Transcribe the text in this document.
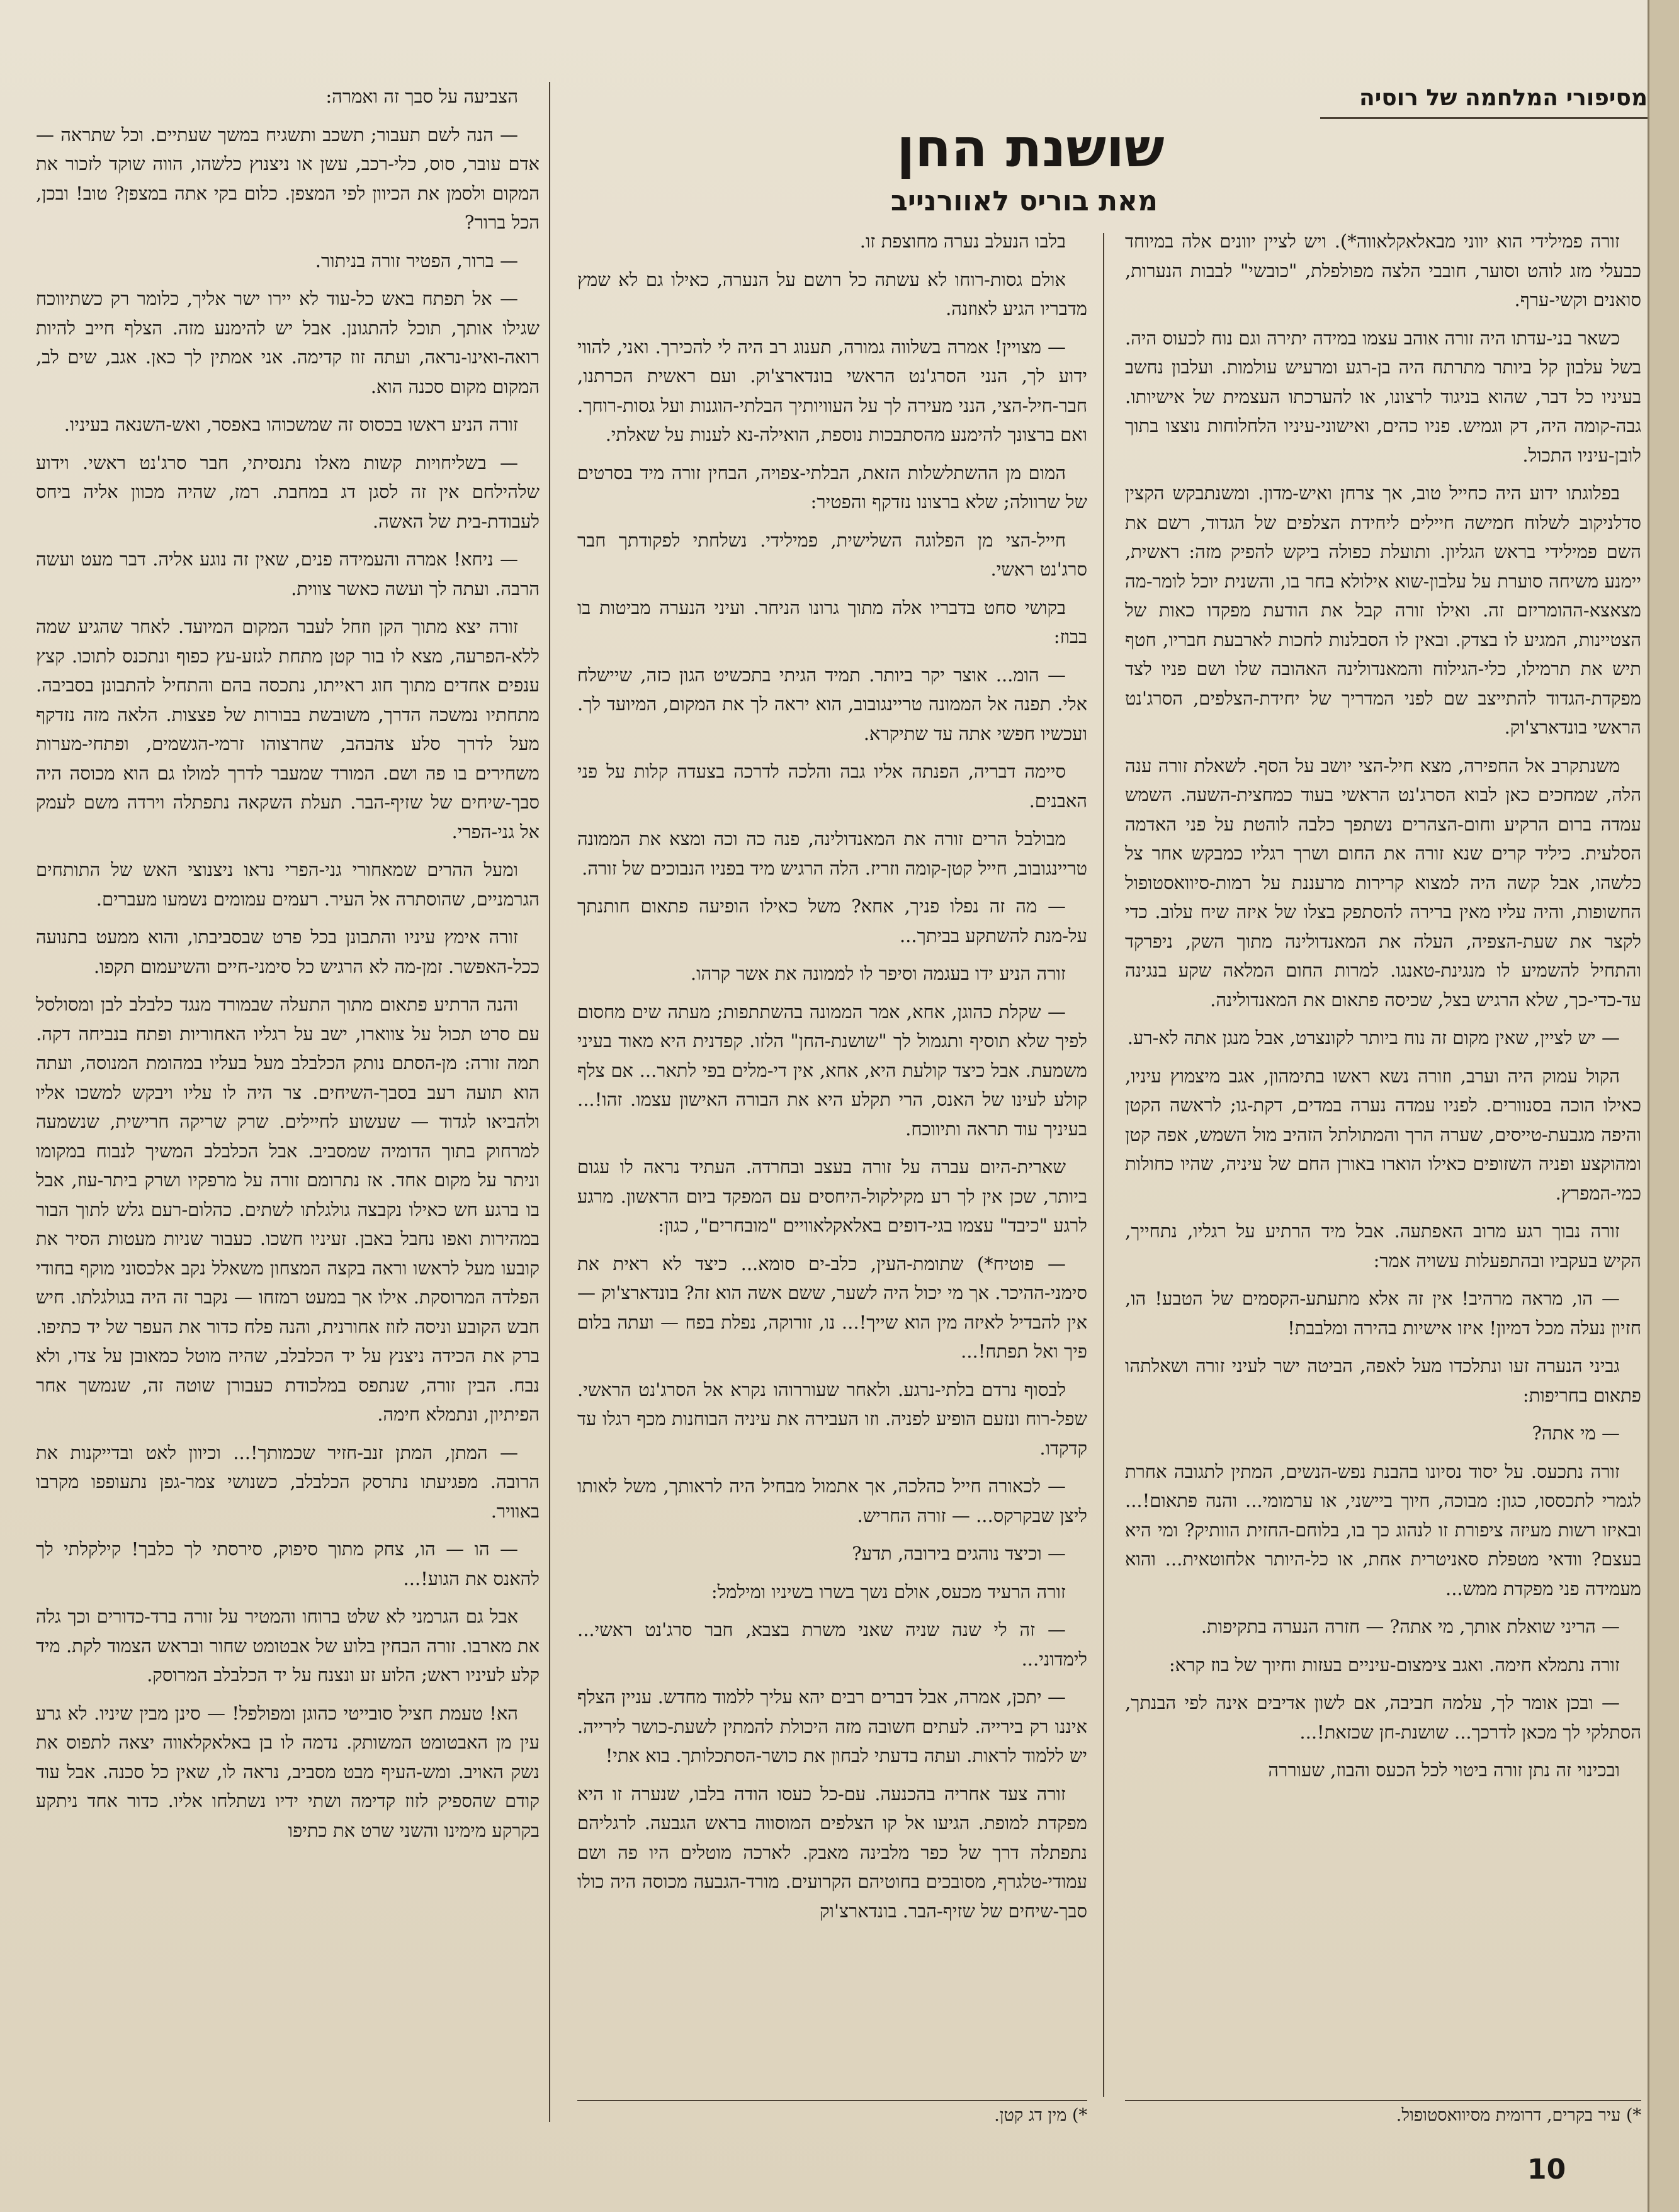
מסיפורי המלחמה של רוסיה
שושנת החן
מאת בוריס לאוורנייב

זורה פמילידי הוא יווני מבאלאקלאווה*). ויש לציין יוונים אלה במיוחד כבעלי מזג לוהט וסוער, חובבי הלצה מפולפלת, "כובשי" לבבות הנערות, סואנים וקשי-ערף.

כשאר בני-עדתו היה זורה אוהב עצמו במידה יתירה וגם נוח לכעוס היה. בשל עלבון קל ביותר מתרתח היה בן-רגע ומרעיש עולמות. ועלבון נחשב בעיניו כל דבר, שהוא בניגוד לרצונו, או להערכתו העצמית של אישיותו. גבה-קומה היה, דק וגמיש. פניו כהים, ואישוני-עיניו הלחלוחות נוצצו בתוך לובן-עיניו התכול.

בפלוגתו ידוע היה כחייל טוב, אך צרחן ואיש-מדון. ומשנתבקש הקצין סדלניקוב לשלוח חמישה חיילים ליחידת הצלפים של הגדוד, רשם את השם פמילידי בראש הגליון. ותועלת כפולה ביקש להפיק מזה: ראשית, יימנע משיחה סוערת על עלבון-שוא אילולא בחר בו, והשנית יוכל לומר-מה מצאצא-ההומריזם זה. ואילו זורה קבל את הודעת מפקדו כאות של הצטיינות, המגיע לו בצדק. ובאין לו הסבלנות לחכות לארבעת חבריו, חטף תיש את תרמילו, כלי-הגילוח והמאנדולינה האהובה שלו ושם פניו לצד מפקדת-הגדוד להתייצב שם לפני המדריך של יחידת-הצלפים, הסרג'נט הראשי בונדארצ'וק.

משנתקרב אל החפירה, מצא חיל-הצי יושב על הסף. לשאלת זורה ענה הלה, שמחכים כאן לבוא הסרג'נט הראשי בעוד כמחצית-השעה. השמש עמדה ברום הרקיע וחום-הצהרים נשתפך כלבה לוהטת על פני האדמה הסלעית. כיליד קרים שנא זורה את החום ושרך רגליו כמבקש אחר צל כלשהו, אבל קשה היה למצוא קרירות מרעננת על רמות-סיוואסטופול החשופות, והיה עליו מאין ברירה להסתפק בצלו של איזה שיח עלוב. כדי לקצר את שעת-הצפיה, העלה את המאנדולינה מתוך השק, ניפרקד והתחיל להשמיע לו מנגינת-טאנגו. למרות החום המלאה שקע בנגינה עד-כדי-כך, שלא הרגיש בצל, שכיסה פתאום את המאנדולינה.

— יש לציין, שאין מקום זה נוח ביותר לקונצרט, אבל מנגן אתה לא-רע.

הקול עמוק היה וערב, וזורה נשא ראשו בתימהון, אגב מיצמוץ עיניו, כאילו הוכה בסנוורים. לפניו עמדה נערה במדים, דקת-גו; לראשה הקטן והיפה מגבעת-טייסים, שערה הרך והמתולתל הזהיב מול השמש, אפה קטן ומהוקצע ופניה השזופים כאילו הוארו באורן החם של עיניה, שהיו כחולות כמי-המפרץ.

זורה נבוך רגע מרוב האפתעה. אבל מיד הרתיע על רגליו, נתחייך, הקיש בעקביו ובהתפעלות עשויה אמר:

— הו, מראה מרהיב! אין זה אלא מתעתע-הקסמים של הטבע! הו, חזיון נעלה מכל דמיון! איזו אישיות בהירה ומלבבת!

גביני הנערה זעו ונתלכדו מעל לאפה, הביטה ישר לעיני זורה ושאלתהו פתאום בחריפות:

— מי אתה?

זורה נתכעס. על יסוד נסיונו בהבנת נפש-הנשים, המתין לתגובה אחרת לגמרי לתכססו, כגון: מבוכה, חיוך ביישני, או ערמומי... והנה פתאום!... ובאיזו רשות מעיזה ציפורת זו לנהוג כך בו, בלוחם-החזית הוותיק? ומי היא בעצם? וודאי מטפלת סאניטרית אחת, או כל-היותר אלחוטאית... והוא מעמידה פני מפקדת ממש...

— הריני שואלת אותך, מי אתה? — חזרה הנערה בתקיפות.

זורה נתמלא חימה. ואגב צימצום-עיניים בעזות וחיוך של בוז קרא:

— ובכן אומר לך, עלמה חביבה, אם לשון אדיבים אינה לפי הבנתך, הסתלקי לך מכאן לדרכך... שושנת-חן שכזאת!...

ובכינוי זה נתן זורה ביטוי לכל הכעס והבוז, שעוררה

בלבו הנעלב נערה מחוצפת זו.

אולם גסות-רוחו לא עשתה כל רושם על הנערה, כאילו גם לא שמץ מדבריו הגיע לאוזנה.

— מצויין! אמרה בשלווה גמורה, תענוג רב היה לי להכירך. ואני, להווי ידוע לך, הנני הסרג'נט הראשי בונדארצ'וק. ועם ראשית הכרתנו, חבר-חיל-הצי, הנני מעירה לך על העוויותיך הבלתי-הוגנות ועל גסות-רוחך. ואם ברצונך להימנע מהסתבכות נוספת, הואילה-נא לענות על שאלתי.

המום מן ההשתלשלות הזאת, הבלתי-צפויה, הבחין זורה מיד בסרטים של שרוולה; שלא ברצונו נזדקף והפטיר:

חייל-הצי מן הפלוגה השלישית, פמילידי. נשלחתי לפקודתך חבר סרג'נט ראשי.

בקושי סחט בדבריו אלה מתוך גרונו הניחר. ועיני הנערה מביטות בו בבוז:

— הומ... אוצר יקר ביותר. תמיד הגיתי בתכשיט הגון כזה, שיישלח אלי. תפנה אל הממונה טריינגובוב, הוא יראה לך את המקום, המיועד לך. ועכשיו חפשי אתה עד שתיקרא.

סיימה דבריה, הפנתה אליו גבה והלכה לדרכה בצעדה קלות על פני האבנים.

מבולבל הרים זורה את המאנדולינה, פנה כה וכה ומצא את הממונה טריינגובוב, חייל קטן-קומה וזריז. הלה הרגיש מיד בפניו הנבוכים של זורה.

— מה זה נפלו פניך, אחא? משל כאילו הופיעה פתאום חותנתך על-מנת להשתקע בביתך...

זורה הניע ידו בעגמה וסיפר לו לממונה את אשר קרהו.

— שקלת כהוגן, אחא, אמר הממונה בהשתתפות; מעתה שים מחסום לפיך שלא תוסיף ותגמול לך "שושנת-החן" הלזו. קפדנית היא מאוד בעיני משמעת. אבל כיצד קולעת היא, אחא, אין די-מלים בפי לתאר... אם צלף קולע לעינו של האנס, הרי תקלע היא את הבורה האישון עצמו. זהו!... בעיניך עוד תראה ותיווכח.

שארית-היום עברה על זורה בעצב ובחרדה. העתיד נראה לו עגום ביותר, שכן אין לך רע מקילקול-היחסים עם המפקד ביום הראשון. מרגע לרגע "כיבד" עצמו בגי-דופים באלאקלאוויים "מובחרים", כגון:

— פוטיח*) שתומת-העין, כלב-ים סומא... כיצד לא ראית את סימני-ההיכר. אך מי יכול היה לשער, ששם אשה הוא זה? בונדארצ'וק — אין להבדיל לאיזה מין הוא שייך!... נו, זורוקה, נפלת בפח — ועתה בלום פיך ואל תפתח!...

לבסוף נרדם בלתי-נרגע. ולאחר שעוררוהו נקרא אל הסרג'נט הראשי. שפל-רוח ונזעם הופיע לפניה. וזו העבירה את עיניה הבוחנות מכף רגלו עד קדקדו.

— לכאורה חייל כהלכה, אך אתמול מבחיל היה לראותך, משל לאותו ליצן שבקרקס... — זורה החריש.

— וכיצד נוהגים בירובה, תדע?

זורה הרעיד מכעס, אולם נשך בשרו בשיניו ומילמל:

— זה לי שנה שניה שאני משרת בצבא, חבר סרג'נט ראשי... לימדוני...

— יתכן, אמרה, אבל דברים רבים יהא עליך ללמוד מחדש. עניין הצלף איננו רק בירייה. לעתים חשובה מזה היכולת להמתין לשעת-כושר לירייה. יש ללמוד לראות. ועתה בדעתי לבחון את כושר-הסתכלותך. בוא אתי!

זורה צעד אחריה בהכנעה. עם-כל כעסו הודה בלבו, שנערה זו היא מפקדת למופת. הגיעו אל קו הצלפים המוסווה בראש הגבעה. לרגליהם נתפתלה דרך של כפר מלבינה מאבק. לארכה מוטלים היו פה ושם עמודי-טלגרף, מסובכים בחוטיהם הקרועים. מורד-הגבעה מכוסה היה כולו סבך-שיחים של שזיף-הבר. בונדארצ'וק

הצביעה על סבך זה ואמרה:

— הנה לשם תעבור; תשכב ותשגיח במשך שעתיים. וכל שתראה — אדם עובר, סוס, כלי-רכב, עשן או ניצנוץ כלשהו, הווה שוקד לזכור את המקום ולסמן את הכיוון לפי המצפן. כלום בקי אתה במצפן? טוב! ובכן, הכל ברור?

— ברור, הפטיר זורה בניתור.

— אל תפתח באש כל-עוד לא יירו ישר אליך, כלומר רק כשתיווכח שגילו אותך, תוכל להתגונן. אבל יש להימנע מזה. הצלף חייב להיות רואה-ואינו-נראה, ועתה זוז קדימה. אני אמתין לך כאן. אגב, שים לב, המקום מקום סכנה הוא.

זורה הניע ראשו בכסוס זה שמשכוהו באפסר, ואש-השנאה בעיניו.

— בשליחויות קשות מאלו נתנסיתי, חבר סרג'נט ראשי. וידוע שלהילחם אין זה לסגן דג במחבת. רמז, שהיה מכוון אליה ביחס לעבודת-בית של האשה.

— ניחא! אמרה והעמידה פנים, שאין זה נוגע אליה. דבר מעט ועשה הרבה. ועתה לך ועשה כאשר צווית.

זורה יצא מתוך הקן וזחל לעבר המקום המיועד. לאחר שהגיע שמה ללא-הפרעה, מצא לו בור קטן מתחת לגזע-עץ כפוף ונתכנס לתוכו. קצץ ענפים אחדים מתוך חוג ראייתו, נתכסה בהם והתחיל להתבונן בסביבה. מתחתיו נמשכה הדרך, משובשת בבורות של פצצות. הלאה מזה נזדקף מעל לדרך סלע צהבהב, שחרצוהו זרמי-הגשמים, ופתחי-מערות משחירים בו פה ושם. המורד שמעבר לדרך למולו גם הוא מכוסה היה סבך-שיחים של שזיף-הבר. תעלת השקאה נתפתלה וירדה משם לעמק אל גני-הפרי.

ומעל ההרים שמאחורי גני-הפרי נראו ניצנוצי האש של התותחים הגרמניים, שהוסתרה אל העיר. רעמים עמומים נשמעו מעברים.

זורה אימץ עיניו והתבונן בכל פרט שבסביבתו, והוא ממעט בתנועה ככל-האפשר. זמן-מה לא הרגיש כל סימני-חיים והשיעמום תקפו.

והנה הרתיע פתאום מתוך התעלה שבמורד מנגד כלבלב לבן ומסולסל עם סרט תכול על צווארו, ישב על רגליו האחוריות ופתח בנביחה דקה. תמה זורה: מן-הסתם נותק הכלבלב מעל בעליו במהומת המנוסה, ועתה הוא תועה רעב בסבך-השיחים. צר היה לו עליו ויבקש למשכו אליו ולהביאו לגדוד — שעשוע לחיילים. שרק שריקה חרישית, שנשמעה למרחוק בתוך הדומיה שמסביב. אבל הכלבלב המשיך לנבוח במקומו וניתר על מקום אחד. אז נתרומם זורה על מרפקיו ושרק ביתר-עוז, אבל בו ברגע חש כאילו נקבצה גולגלתו לשתים. כהלום-רעם גלש לתוך הבור במהירות ואפו נחבל באבן. זעיניו חשכו. כעבור שניות מעטות הסיר את קובעו מעל לראשו וראה בקצה המצחון משאלל נקב אלכסוני מוקף בחודי הפלדה המרוסקת. אילו אך במעט רמזחו — נקבר זה היה בגולגלתו. חיש חבש הקובע וניסה לזוז אחורנית, והנה פלח כדור את העפר של יד כתיפו. ברק את הכידה ניצנץ על יד הכלבלב, שהיה מוטל כמאובן על צדו, ולא נבח. הבין זורה, שנתפס במלכודת כעבורן שוטה זה, שנמשך אחר הפיתיון, ונתמלא חימה.

— המתן, המתן זנב-חזיר שכמותך!... וכיוון לאט ובדייקנות את הרובה. מפגיעתו נתרסק הכלבלב, כשנושי צמר-גפן נתעופפו מקרבו באוויר.

— הו — הו, צחק מתוך סיפוק, סירסתי לך כלבך! קילקלתי לך להאנס את הגוע!...

אבל גם הגרמני לא שלט ברוחו והמטיר על זורה ברד-כדורים וכך גלה את מארבו. זורה הבחין בלוע של אבטומט שחור ובראש הצמוד לקת. מיד קלע לעיניו ראש; הלוע זע ונצנח על יד הכלבלב המרוסק.

הא! טעמת חציל סובייטי כהוגן ומפולפל! — סינן מבין שיניו. לא גרע עין מן האבטומט המשותק. נדמה לו בן באלאקלאווה יצאה לתפוס את נשק האויב. ומש-העיף מבט מסביב, נראה לו, שאין כל סכנה. אבל עוד קודם שהספיק לזוז קדימה ושתי ידיו נשתלחו אליו. כדור אחד ניתקע בקרקע מימינו והשני שרט את כתיפו

*) עיר בקרים, דרומית מסיוואסטופול.
*) מין דג קטן.
10
